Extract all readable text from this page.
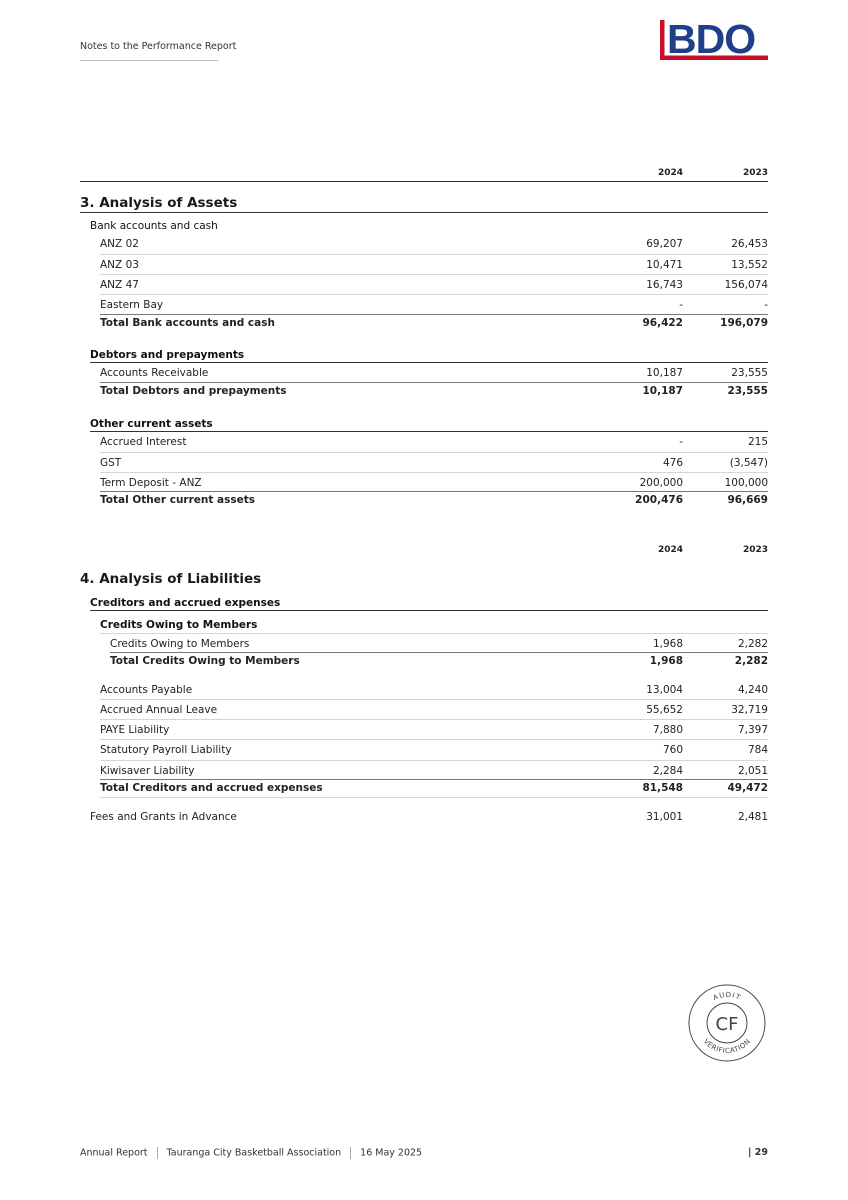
Notes to the Performance Report	BDO
2024	2023
3. Analysis of Assets
Bank accounts and cash
ANZ 02	69,207	26,453
ANZ 03	10,471	13,552
ANZ 47	16,743	156,074
Eastern Bay	-	-
Total Bank accounts and cash	96,422	196,079
Debtors and prepayments
Accounts Receivable	10,187	23,555
Total Debtors and prepayments	10,187	23,555
Other current assets
Accrued Interest	-	215
GST	476	(3,547)
Term Deposit - ANZ	200,000	100,000
Total Other current assets	200,476	96,669
2024	2023
4. Analysis of Liabilities
Creditors and accrued expenses
Credits Owing to Members
Credits Owing to Members	1,968	2,282
Total Credits Owing to Members	1,968	2,282
Accounts Payable	13,004	4,240
Accrued Annual Leave	55,652	32,719
PAYE Liability	7,880	7,397
Statutory Payroll Liability	760	784
Kiwisaver Liability	2,284	2,051
Total Creditors and accrued expenses	81,548	49,472
Fees and Grants in Advance	31,001	2,481
AUDIT
VERIFICATION
CF
Annual Report Tauranga City Basketball Association 16 May 2025	| 29
